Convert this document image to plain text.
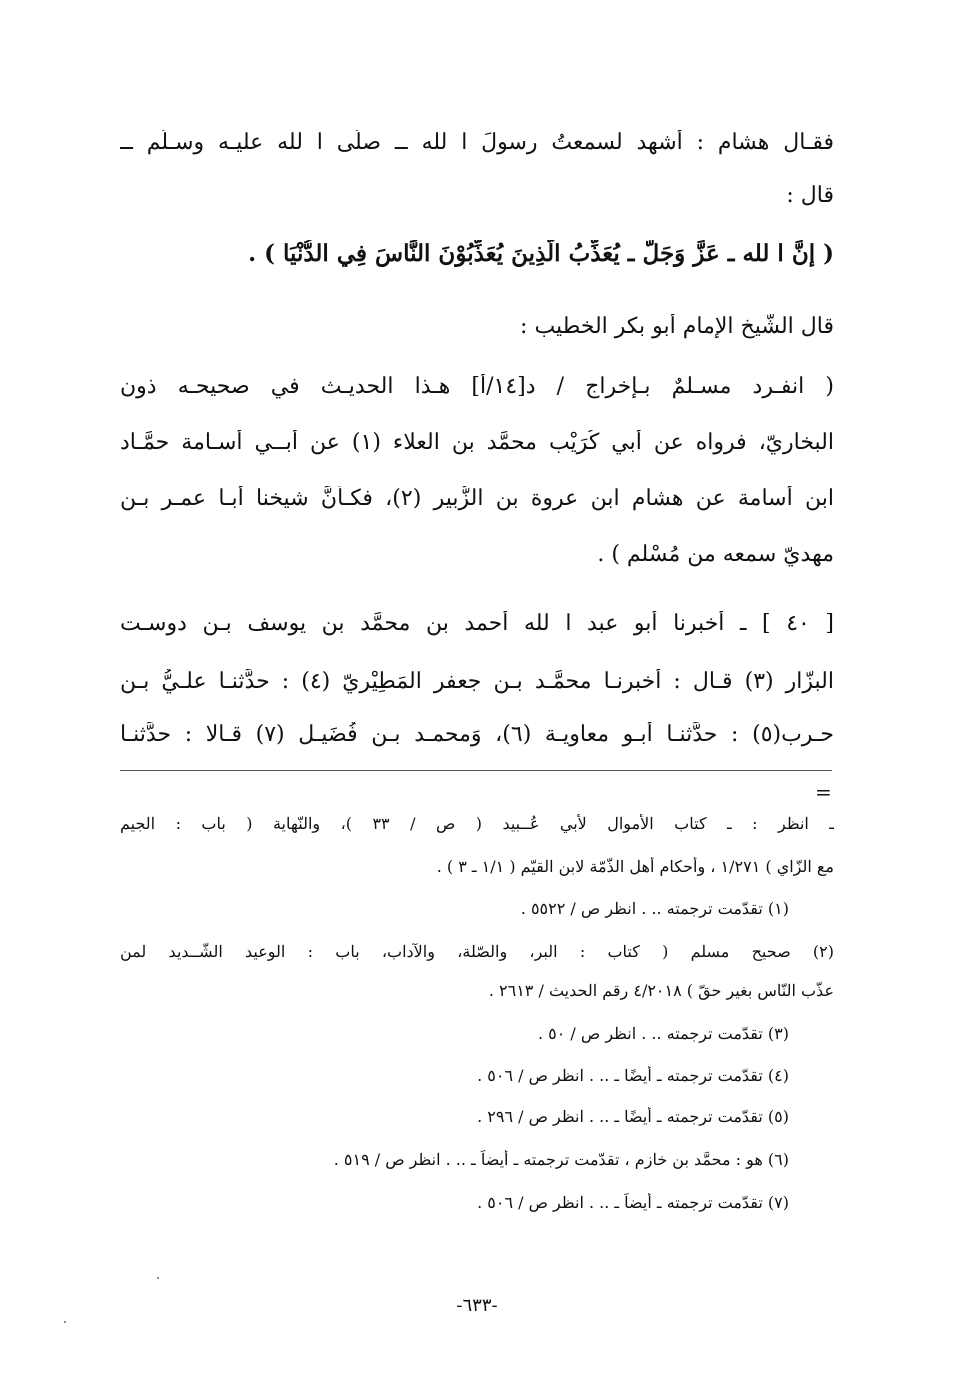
فقـال هشام : أَشهد لسمعتُ رسولَ ا لله ــ صلَّى ا لله عليـه وسـلَّم ــ
قال :
( إنَّ ا لله ـ عَزَّ وَجَلَّ ـ يُعَذِّبُ الَّذِينَ يُعَذِّبُوْنَ النَّاسَ فِي الدُّنْيَا ) .
قال الشَّيخ الإمام أبو بكر الخطيب :
( انفـرد مسـلمٌ بـإخراج / د[١٤/أ] هـذا الحديـث في صحيحـه ذون
البخاريّ، فرواه عن أبي كُرَيْب محمَّد بن العلاء (١) عن أَبــي أُسـامة حمَّـاد
ابن أُسامة عن هشام ابن عروة بن الزُّبير (٢)، فكـأَنَّ شيخنا أَبـا عمـر بـن
مهديّ سمعه من مُسْلم ) .
[ ٤٠ ] ـ أخبرنا أبو عبد ا لله أحمد بن محمَّد بن يوسف بـن دوسـت
البزّار (٣) قـال : أخبرنـا محمَّـد بـن جعفر المَطِيْريّ (٤) : حدَّثنـا علـيُّ بـن
حـرب(٥) : حدَّثنـا أبـو معاويـة (٦)، وَمحمـد بـن فُضَيـل (٧) قـالا : حدَّثنـا
=
ـ انظر : ـ كتاب الأموال لأبي عُــبيد ( ص / ٣٣ )، والنّهاية ( باب : الجيم
مع الزّاي ) ١/٢٧١ ، وأحكام أهل الذّمّة لابن القيّم ( ١/١ ـ ٣ ) .
(١) تقدّمت ترجمته .. . انظر ص / ٥٥٢٢ .
(٢) صحيح مسلم ( كتاب : البر، والصّلة، والآداب، باب : الوعيد الشّــديد لمن
عذّب النّاس بغير حقّ ) ٤/٢٠١٨ رقم الحديث / ٢٦١٣ .
(٣) تقدّمت ترجمته .. . انظر ص / ٥٠ .
(٤) تقدّمت ترجمته ـ أيضًا ـ .. . انظر ص / ٥٠٦ .
(٥) تقدّمت ترجمته ـ أيضًا ـ .. . انظر ص / ٢٩٦ .
(٦) هو : محمَّد بن خازم ، تقدّمت ترجمته ـ أيضاً ـ .. . انظر ص / ٥١٩ .
(٧) تقدّمت ترجمته ـ أيضاً ـ .. . انظر ص / ٥٠٦ .
-٦٣٣-
